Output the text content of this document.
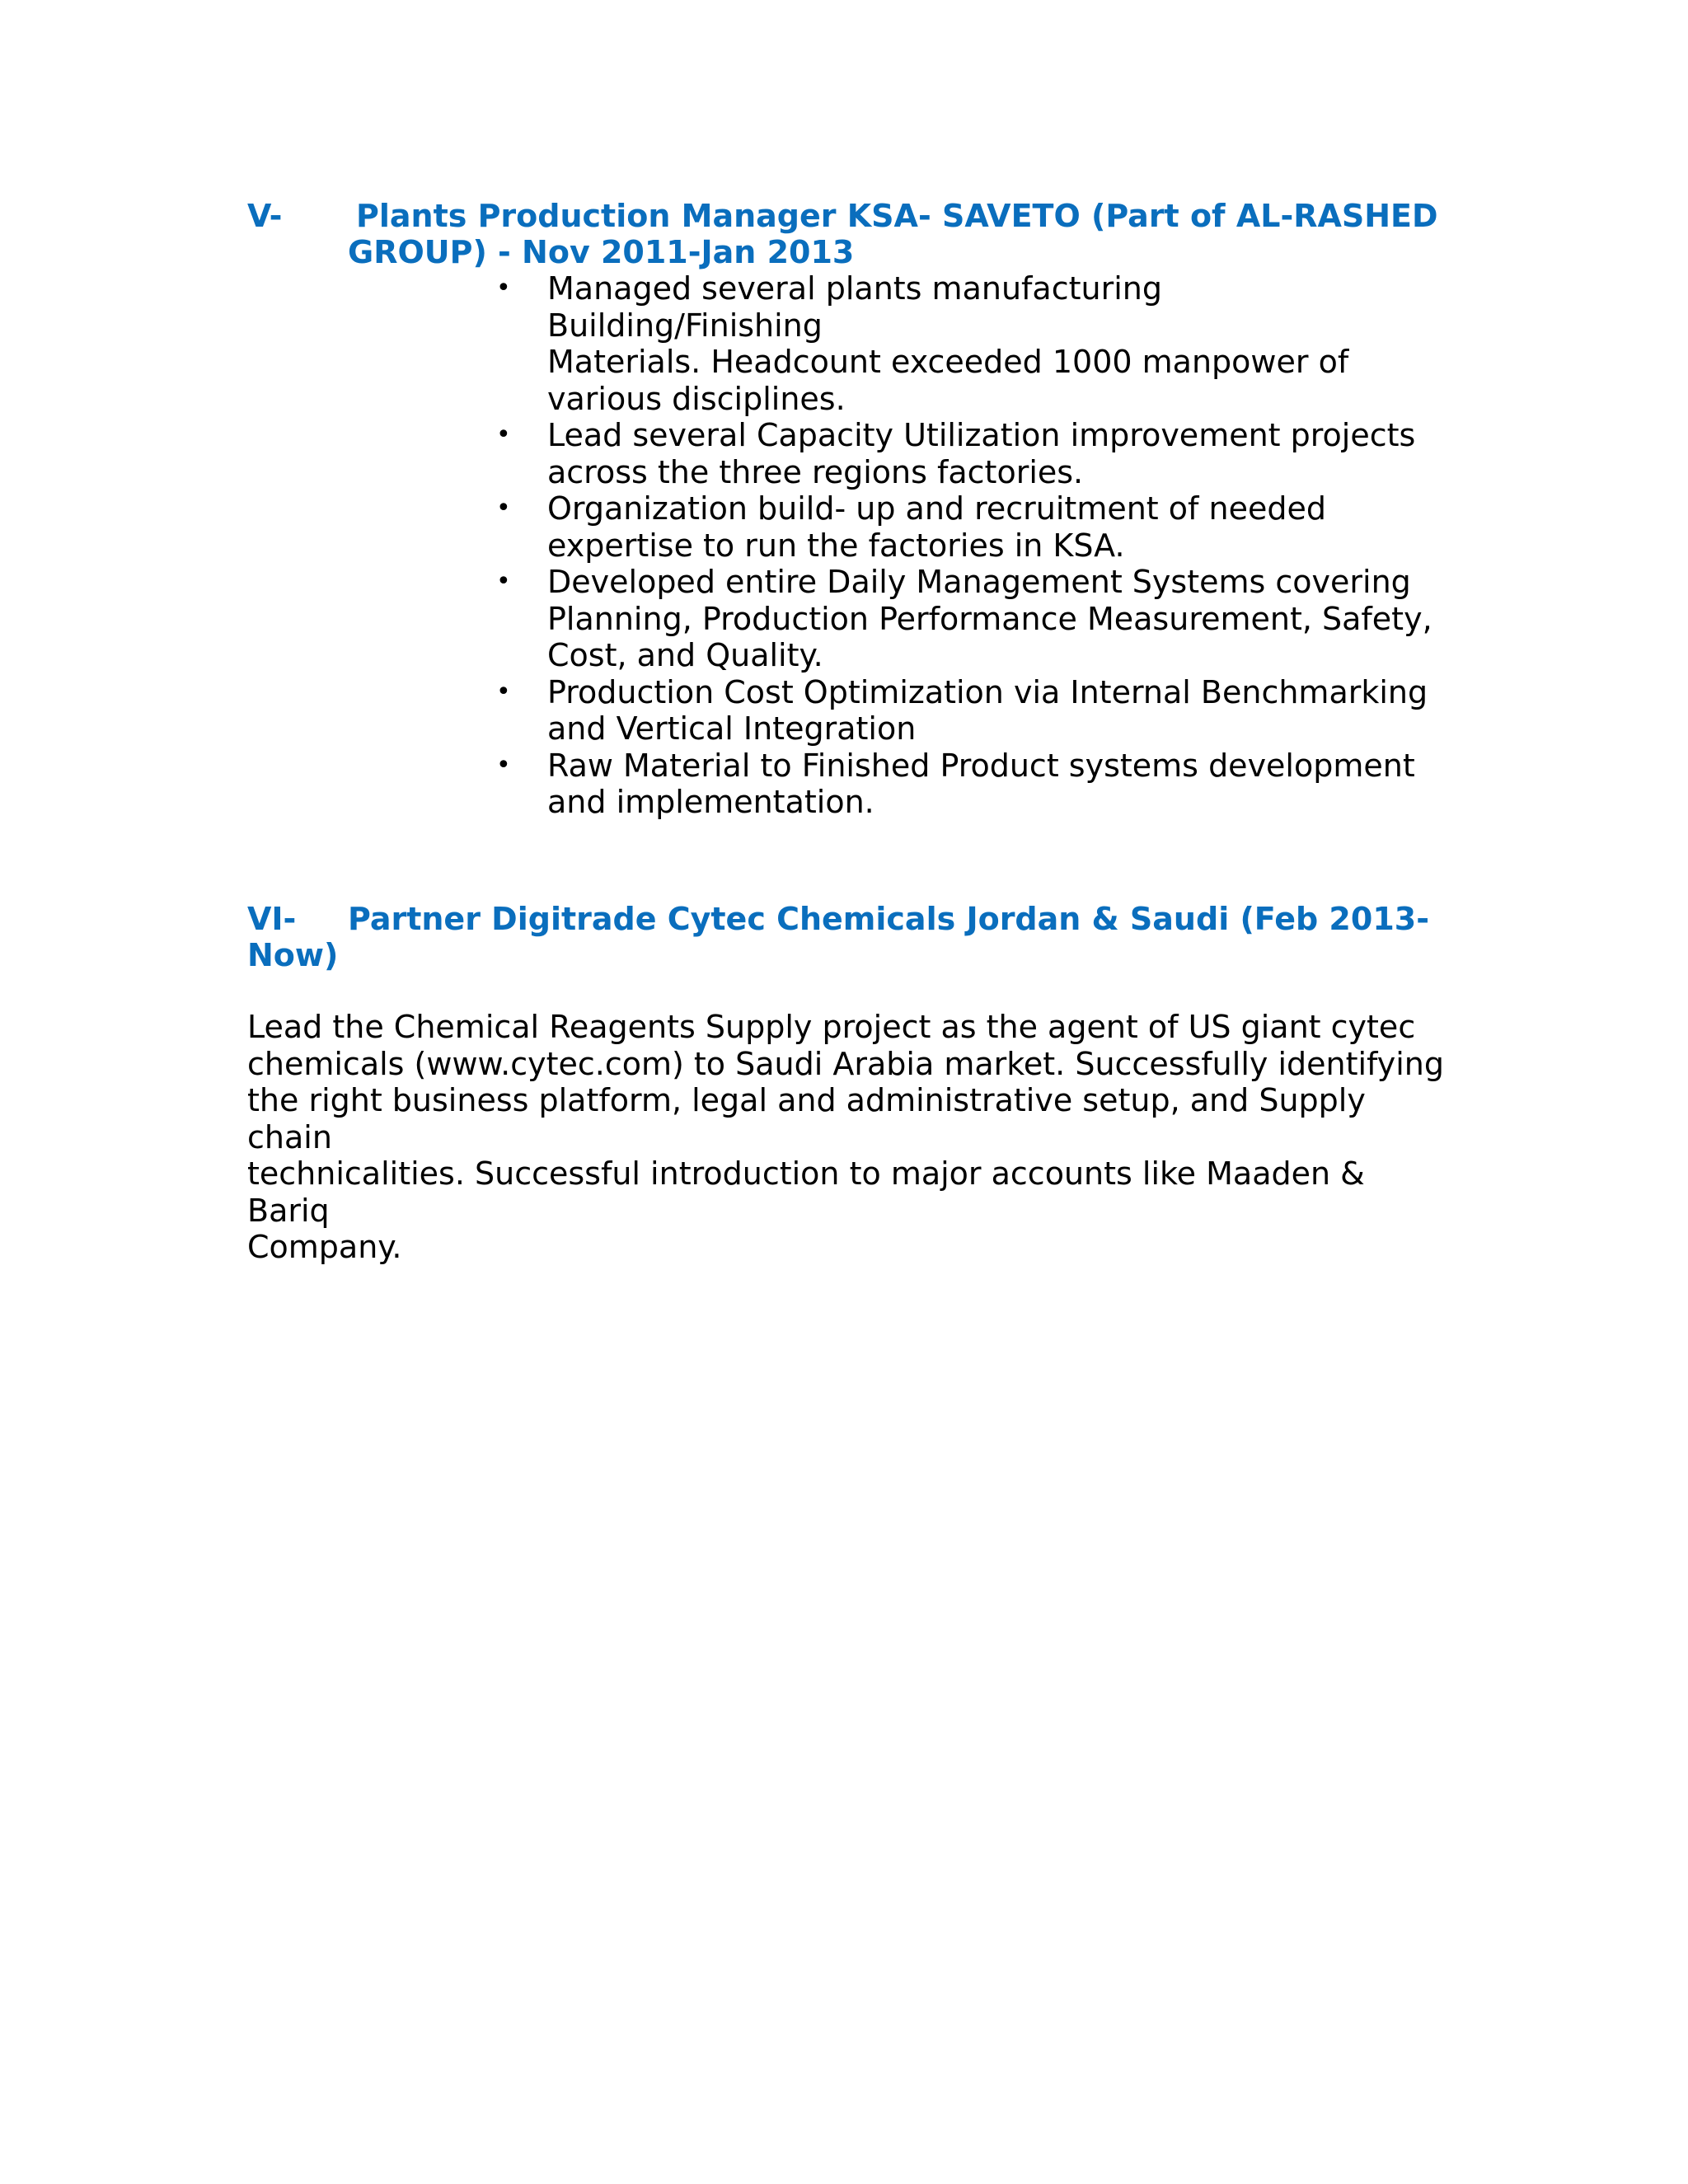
V- Plants Production Manager KSA- SAVETO (Part of AL-RASHED
GROUP) - Nov 2011-Jan 2013
• Managed several plants manufacturing Building/Finishing
Materials. Headcount exceeded 1000 manpower of
various disciplines.
• Lead several Capacity Utilization improvement projects
across the three regions factories.
• Organization build- up and recruitment of needed
expertise to run the factories in KSA.
• Developed entire Daily Management Systems covering
Planning, Production Performance Measurement, Safety,
Cost, and Quality.
• Production Cost Optimization via Internal Benchmarking
and Vertical Integration
• Raw Material to Finished Product systems development
and implementation.
VI- Partner Digitrade Cytec Chemicals Jordan & Saudi (Feb 2013-
Now)

Lead the Chemical Reagents Supply project as the agent of US giant cytec
chemicals (www.cytec.com) to Saudi Arabia market. Successfully identifying
the right business platform, legal and administrative setup, and Supply chain
technicalities. Successful introduction to major accounts like Maaden & Bariq
Company.
